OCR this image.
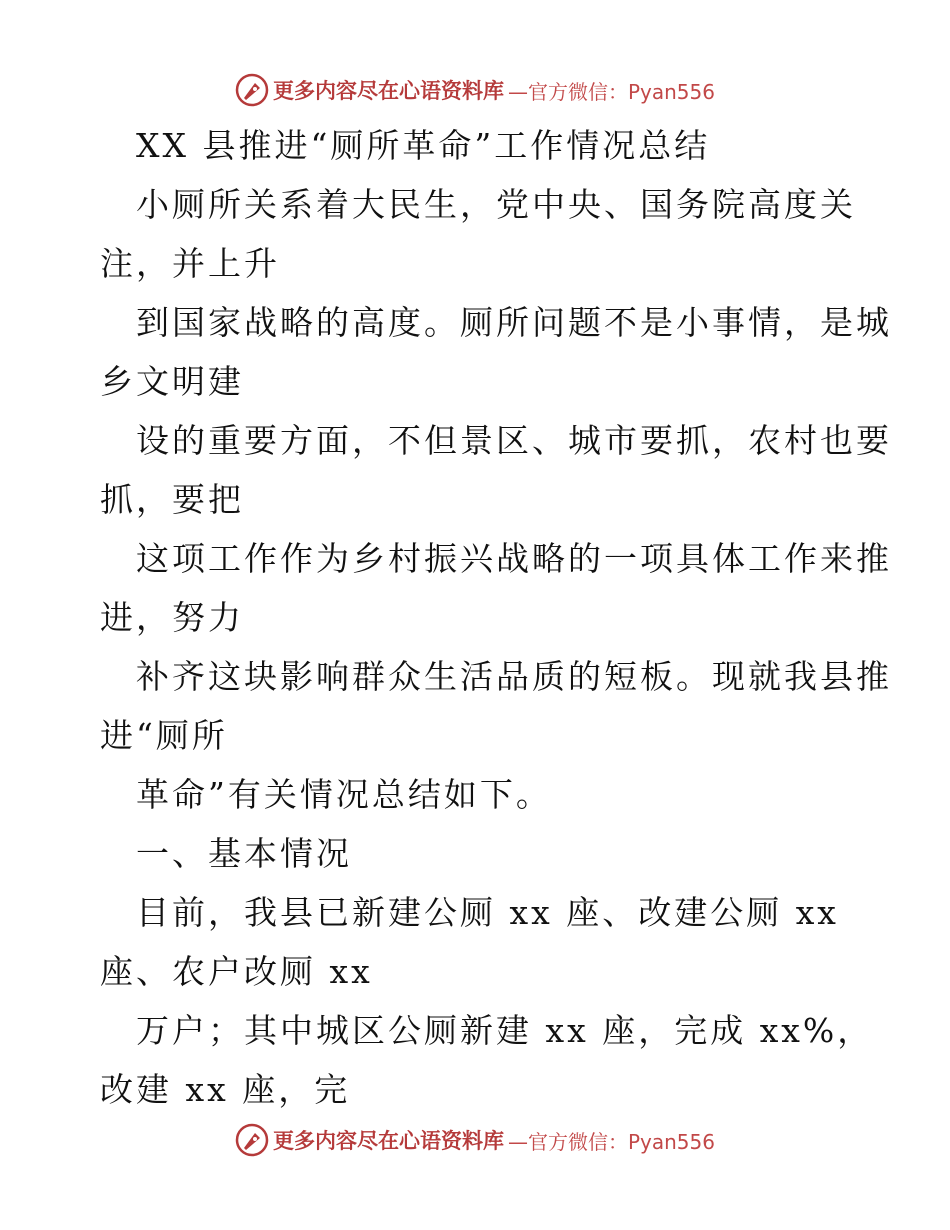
更多内容尽在心语资料库 —官方微信：Pyan556
XX 县推进“厕所革命”工作情况总结
小厕所关系着大民生，党中央、国务院高度关
注，并上升
到国家战略的高度。厕所问题不是小事情，是城
乡文明建
设的重要方面，不但景区、城市要抓，农村也要
抓，要把
这项工作作为乡村振兴战略的一项具体工作来推
进，努力
补齐这块影响群众生活品质的短板。现就我县推
进“厕所
革命”有关情况总结如下。
一、基本情况
目前，我县已新建公厕 xx 座、改建公厕 xx
座、农户改厕 xx
万户；其中城区公厕新建 xx 座，完成 xx%，
改建 xx 座，完
更多内容尽在心语资料库 —官方微信：Pyan556
